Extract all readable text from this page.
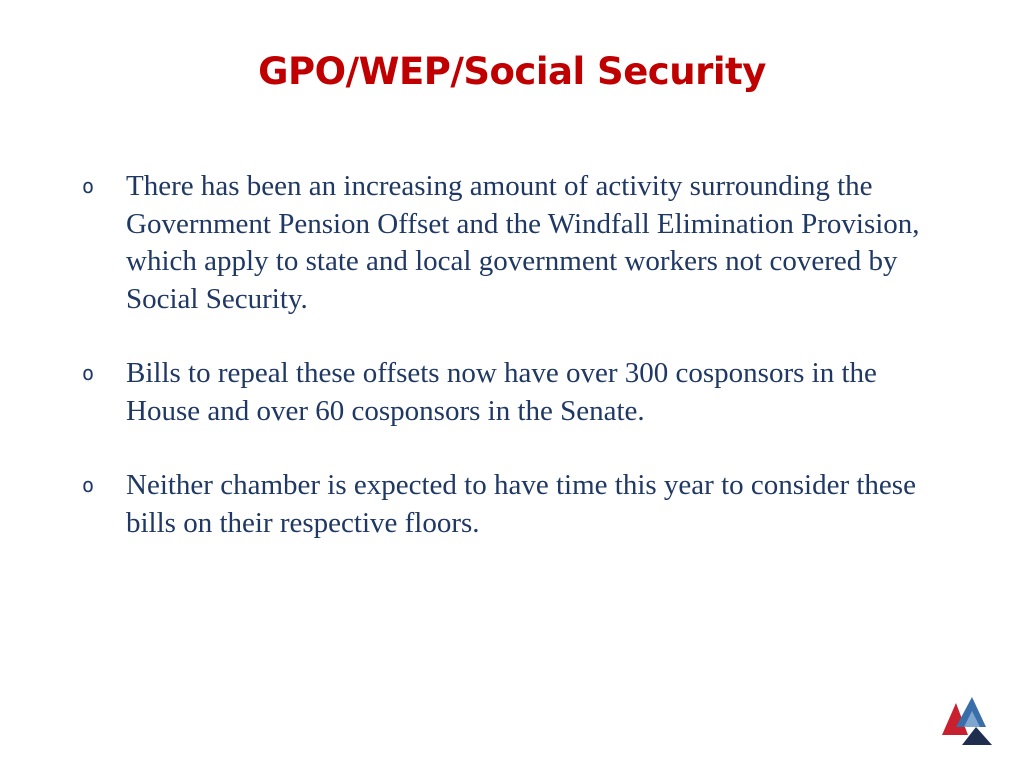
GPO/WEP/Social Security
o There has been an increasing amount of activity surrounding the Government Pension Offset and the Windfall Elimination Provision, which apply to state and local government workers not covered by Social Security.
o Bills to repeal these offsets now have over 300 cosponsors in the House and over 60 cosponsors in the Senate.
o Neither chamber is expected to have time this year to consider these bills on their respective floors.
